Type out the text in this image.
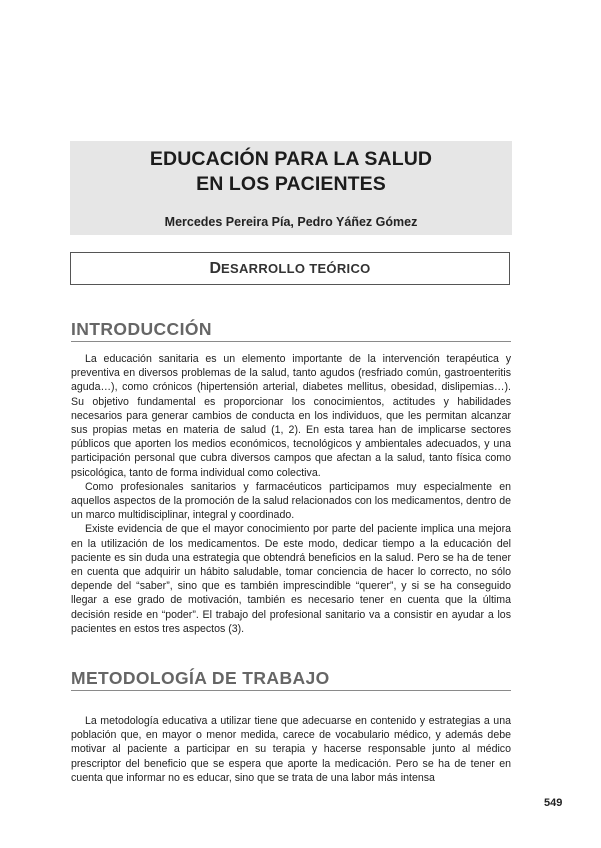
EDUCACIÓN PARA LA SALUD
EN LOS PACIENTES
Mercedes Pereira Pía, Pedro Yáñez Gómez
DESARROLLO TEÓRICO
INTRODUCCIÓN

La educación sanitaria es un elemento importante de la intervención terapéutica y preventiva en diversos problemas de la salud, tanto agudos (resfriado común, gastroenteritis aguda…), como crónicos (hipertensión arterial, diabetes mellitus, obesidad, dislipemias…). Su objetivo fundamental es proporcionar los conocimientos, actitudes y habilidades necesarios para generar cambios de conducta en los individuos, que les permitan alcanzar sus propias metas en materia de salud (1, 2). En esta tarea han de implicarse sectores públicos que aporten los medios económicos, tecnológicos y ambientales adecuados, y una participación personal que cubra diversos campos que afectan a la salud, tanto física como psicológica, tanto de forma individual como colectiva.

Como profesionales sanitarios y farmacéuticos participamos muy especialmente en aquellos aspectos de la promoción de la salud relacionados con los medicamentos, dentro de un marco multidisciplinar, integral y coordinado.

Existe evidencia de que el mayor conocimiento por parte del paciente implica una mejora en la utilización de los medicamentos. De este modo, dedicar tiempo a la educación del paciente es sin duda una estrategia que obtendrá beneficios en la salud. Pero se ha de tener en cuenta que adquirir un hábito saludable, tomar conciencia de hacer lo correcto, no sólo depende del “saber”, sino que es también imprescindible “querer”, y si se ha conseguido llegar a ese grado de motivación, también es necesario tener en cuenta que la última decisión reside en “poder”. El trabajo del profesional sanitario va a consistir en ayudar a los pacientes en estos tres aspectos (3).

METODOLOGÍA DE TRABAJO

La metodología educativa a utilizar tiene que adecuarse en contenido y estrategias a una población que, en mayor o menor medida, carece de vocabulario médico, y además debe motivar al paciente a participar en su terapia y hacerse responsable junto al médico prescriptor del beneficio que se espera que aporte la medicación. Pero se ha de tener en cuenta que informar no es educar, sino que se trata de una labor más intensa

549
